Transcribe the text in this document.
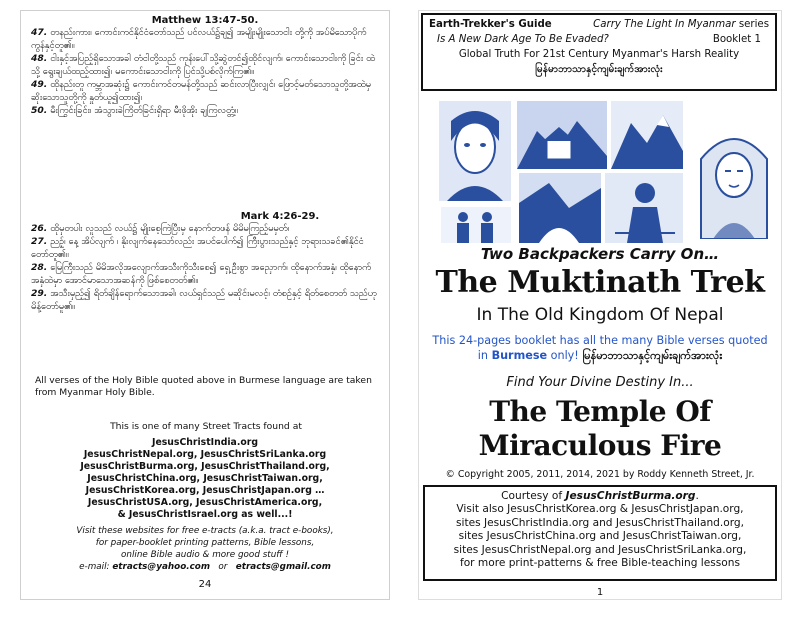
Matthew 13:47-50.

47. တနည်းကား၊ ကောင်းကင်နိုင်ငံတော်သည် ပင်လယ်၌ချ၍ အမျိုးမျိုးသောငါး တို့ကို အပ်မိသောပိုက် ကွန်နှင့်တူ၏။

48. ငါးနှင့်အပြည့်ရှိသောအခါ တံငါတို့သည် ကုန်းပေါ်သို့ဆွဲတင်၍ထိုင်လျက်၊ ကောင်းသောငါးကို ခြင်း ထဲသို့ ရွေးချယ်ထည့်ထား၍၊ မကောင်းသောငါးကို ပြင်သို့ပစ်လိုက်ကြ၏။

49. ထိုနည်းတူ ကမ္ဘာအဆုံး၌ ကောင်းကင်တမန်တို့သည် ဆင်းလာပြီးလျှင်၊ ဖြောင့်မတ်သောသူတို့အထဲမှ ဆိုးသောသူတို့ကို နှုတ်ယူ၍ထား၍၊

50. မီးကြွင်းခြင်း၊ အံသွားခဲကြိတ်ခြင်းရှိရာ မီးဖိုအိုး ချကြလတ္တံ့။

Mark 4:26-29.

26. ထိုမှတပါး လူသည် လယ်၌ မျိုးစေ့ကြဲပြီးမှ နောက်တဖန် မိမိမကြည့်မမှတ်၊

27. ညဉ့်၊ နေ့ အိပ်လျက် ၊ နိုးလျက်နေသော်လည်း အပင်ပေါက်၍ ကြီးပွားသည်နှင့် ဘုရားသခင်၏နိုင်ငံ တော်တူ၏။

28. မြေကြီးသည် မိမိအလိုအလျောက်အသီးကိုသီးစေ၍ ရှေ့ဦးစွာ အညှောက်၊ ထိုနောက်အနှံ၊ ထိုနောက် အနှံထဲမှာ အောင်မာသောအဆန်ကို ဖြစ်စေတတ်၏။

29. အသီးမှည့်၍ ရိတ်ချိန်ရောက်သောအခါ၊ လယ်ရှင်သည် မဆိုင်းမလင့်၊ တံစဉ်နှင့် ရိတ်စေတတ် သည်ဟု မိန့်တော်မူ၏။

All verses of the Holy Bible quoted above in Burmese language are taken from Myanmar Holy Bible.

This is one of many Street Tracts found at

JesusChristIndia.org

JesusChristNepal.org, JesusChristSriLanka.org

JesusChristBurma.org, JesusChristThailand.org,

JesusChristChina.org, JesusChristTaiwan.org,

JesusChristKorea.org, JesusChristJapan.org …

JesusChristUSA.org, JesusChristAmerica.org,

& JesusChristIsrael.org as well...!

Visit these websites for free e-tracts (a.k.a. tract e-books),

for paper-booklet printing patterns, Bible lessons,

online Bible audio & more good stuff !

e-mail: etracts@yahoo.com or etracts@gmail.com

24
Earth-Trekker's Guide	Carry The Light In Myanmar series
Is A New Dark Age To Be Evaded?	Booklet 1
Global Truth For 21st Century Myanmar's Harsh Reality
မြန်မာဘာသာနှင့်ကျမ်းချက်အားလုံး
Two Backpackers Carry On…
The Muktinath Trek
In The Old Kingdom Of Nepal
This 24-pages booklet has all the many Bible verses quoted
in Burmese only! မြန်မာဘာသာနှင့်ကျမ်းချက်အားလုံး
Find Your Divine Destiny In...
The Temple Of
Miraculous Fire
© Copyright 2005, 2011, 2014, 2021 by Roddy Kenneth Street, Jr.
Courtesy of JesusChristBurma.org.
Visit also JesusChristKorea.org & JesusChristJapan.org,
sites JesusChristIndia.org and JesusChristThailand.org,
sites JesusChristChina.org and JesusChristTaiwan.org,
sites JesusChristNepal.org and JesusChristSriLanka.org,
for more print-patterns & free Bible-teaching lessons
1
